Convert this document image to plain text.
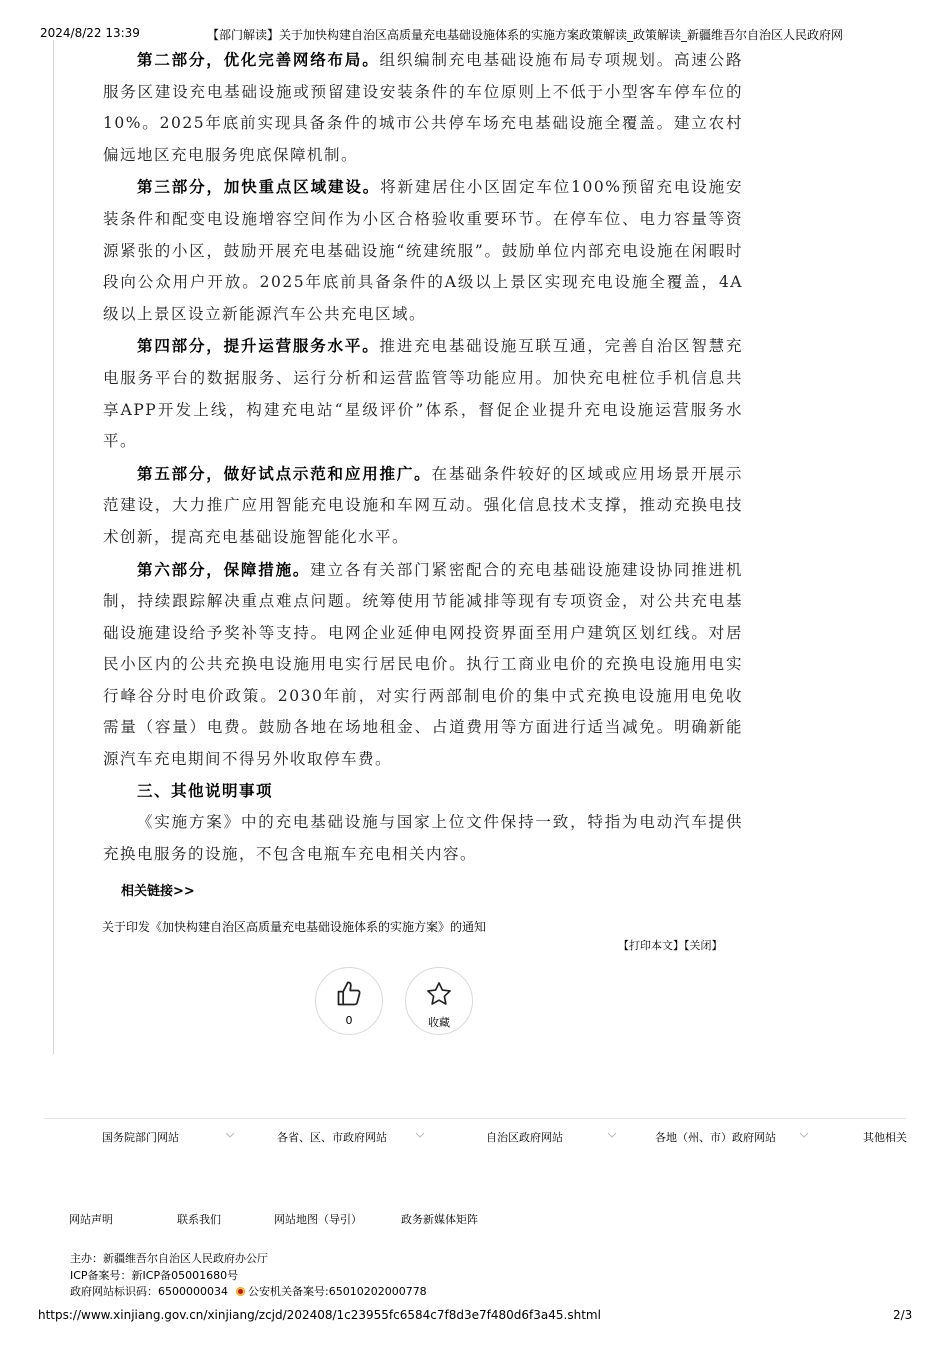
2024/8/22 13:39	【部门解读】关于加快构建自治区高质量充电基础设施体系的实施方案政策解读_政策解读_新疆维吾尔自治区人民政府网

第二部分，优化完善网络布局。组织编制充电基础设施布局专项规划。高速公路服务区建设充电基础设施或预留建设安装条件的车位原则上不低于小型客车停车位的10%。2025年底前实现具备条件的城市公共停车场充电基础设施全覆盖。建立农村偏远地区充电服务兜底保障机制。

第三部分，加快重点区域建设。将新建居住小区固定车位100%预留充电设施安装条件和配变电设施增容空间作为小区合格验收重要环节。在停车位、电力容量等资源紧张的小区，鼓励开展充电基础设施“统建统服”。鼓励单位内部充电设施在闲暇时段向公众用户开放。2025年底前具备条件的A级以上景区实现充电设施全覆盖，4A级以上景区设立新能源汽车公共充电区域。

第四部分，提升运营服务水平。推进充电基础设施互联互通，完善自治区智慧充电服务平台的数据服务、运行分析和运营监管等功能应用。加快充电桩位手机信息共享APP开发上线，构建充电站“星级评价”体系，督促企业提升充电设施运营服务水平。

第五部分，做好试点示范和应用推广。在基础条件较好的区域或应用场景开展示范建设，大力推广应用智能充电设施和车网互动。强化信息技术支撑，推动充换电技术创新，提高充电基础设施智能化水平。

第六部分，保障措施。建立各有关部门紧密配合的充电基础设施建设协同推进机制，持续跟踪解决重点难点问题。统筹使用节能减排等现有专项资金，对公共充电基础设施建设给予奖补等支持。电网企业延伸电网投资界面至用户建筑区划红线。对居民小区内的公共充换电设施用电实行居民电价。执行工商业电价的充换电设施用电实行峰谷分时电价政策。2030年前，对实行两部制电价的集中式充换电设施用电免收需量（容量）电费。鼓励各地在场地租金、占道费用等方面进行适当减免。明确新能源汽车充电期间不得另外收取停车费。

三、其他说明事项

《实施方案》中的充电基础设施与国家上位文件保持一致，特指为电动汽车提供充换电服务的设施，不包含电瓶车充电相关内容。

相关链接>>
关于印发《加快构建自治区高质量充电基础设施体系的实施方案》的通知
【打印本文】【关闭】
0	收藏
国务院部门网站	各省、区、市政府网站	自治区政府网站	各地（州、市）政府网站	其他相关
网站声明	联系我们	网站地图（导引）	政务新媒体矩阵
主办：新疆维吾尔自治区人民政府办公厅
ICP备案号：新ICP备05001680号
政府网站标识码：6500000034	公安机关备案号:65010202000778
https://www.xinjiang.gov.cn/xinjiang/zcjd/202408/1c23955fc6584c7f8d3e7f480d6f3a45.shtml	2/3
